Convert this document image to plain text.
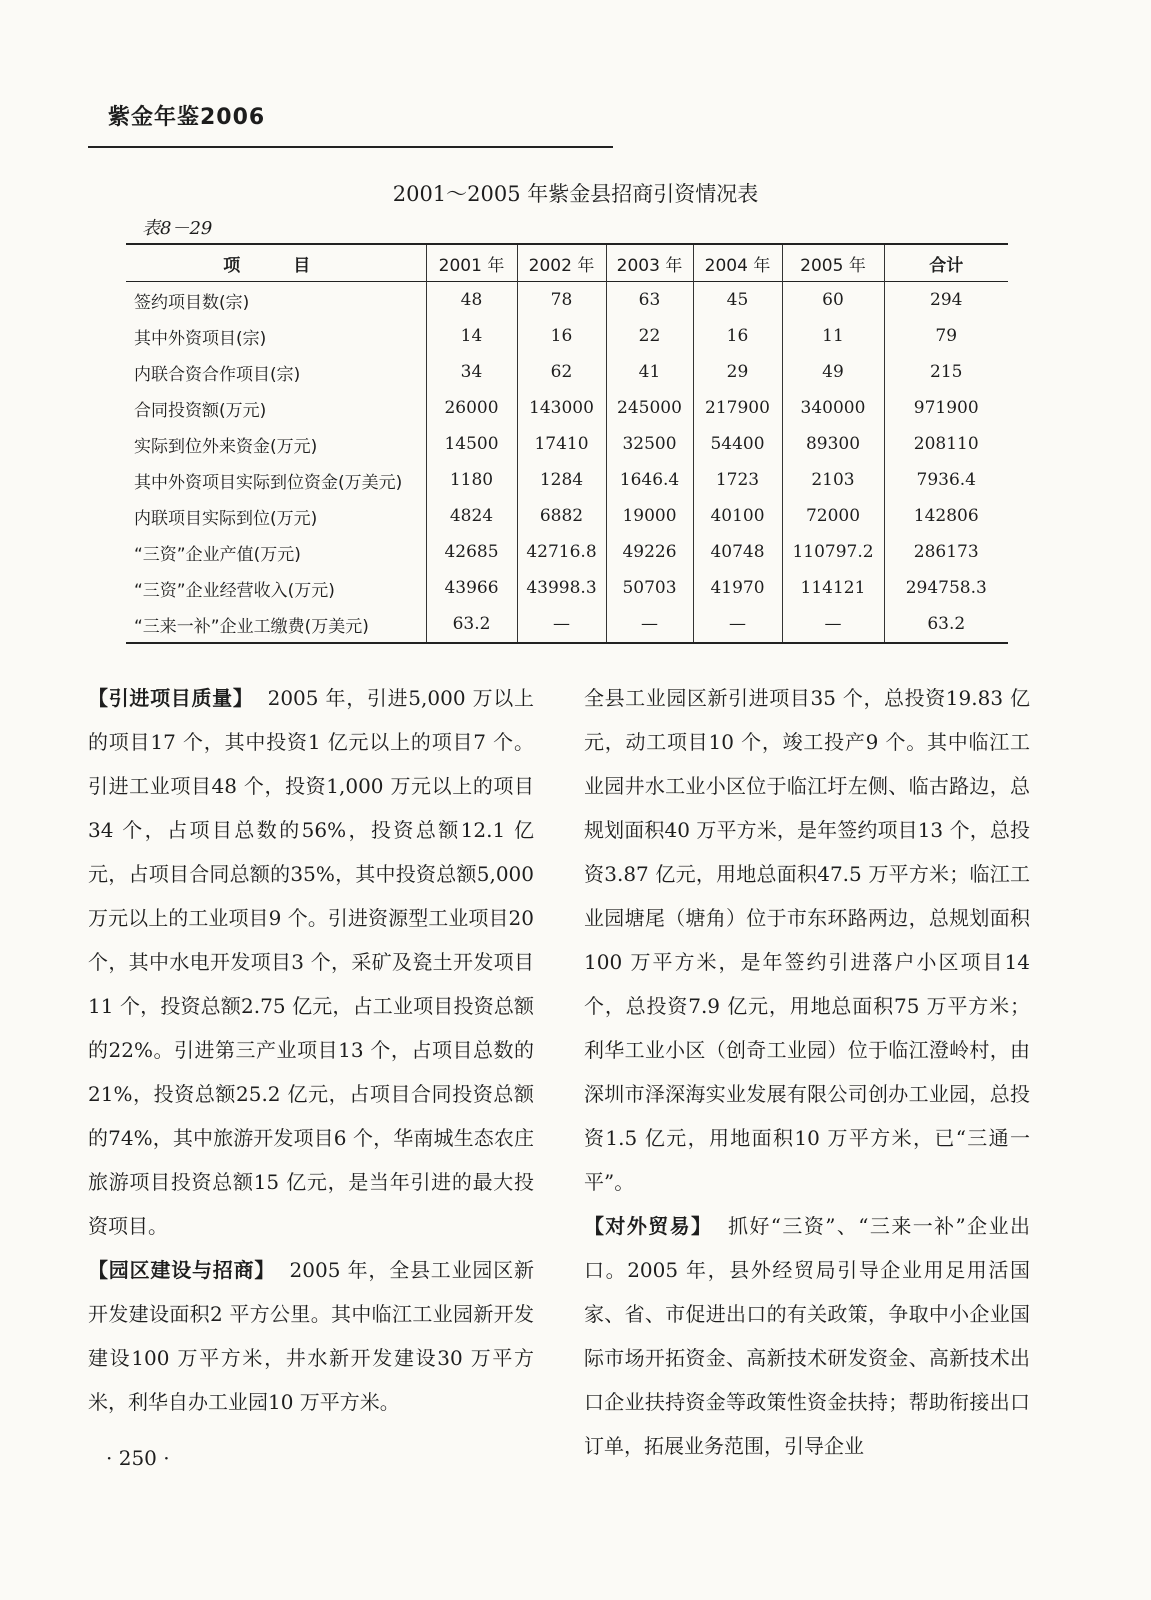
紫金年鉴2006
2001～2005 年紫金县招商引资情况表
表8－29
项　目	2001 年	2002 年	2003 年	2004 年	2005 年	合计
签约项目数(宗)	48	78	63	45	60	294
其中外资项目(宗)	14	16	22	16	11	79
内联合资合作项目(宗)	34	62	41	29	49	215
合同投资额(万元)	26000	143000	245000	217900	340000	971900
实际到位外来资金(万元)	14500	17410	32500	54400	89300	208110
其中外资项目实际到位资金(万美元)	1180	1284	1646.4	1723	2103	7936.4
内联项目实际到位(万元)	4824	6882	19000	40100	72000	142806
“三资”企业产值(万元)	42685	42716.8	49226	40748	110797.2	286173
“三资”企业经营收入(万元)	43966	43998.3	50703	41970	114121	294758.3
“三来一补”企业工缴费(万美元)	63.2	—	—	—	—	63.2

【引进项目质量】 2005 年，引进5,000 万以上的项目17 个，其中投资1 亿元以上的项目7 个。引进工业项目48 个，投资1,000 万元以上的项目34 个，占项目总数的56%，投资总额12.1 亿元，占项目合同总额的35%，其中投资总额5,000 万元以上的工业项目9 个。引进资源型工业项目20 个，其中水电开发项目3 个，采矿及瓷土开发项目11 个，投资总额2.75 亿元，占工业项目投资总额的22%。引进第三产业项目13 个，占项目总数的21%，投资总额25.2 亿元，占项目合同投资总额的74%，其中旅游开发项目6 个，华南城生态农庄旅游项目投资总额15 亿元，是当年引进的最大投资项目。

【园区建设与招商】 2005 年，全县工业园区新开发建设面积2 平方公里。其中临江工业园新开发建设100 万平方米，井水新开发建设30 万平方米，利华自办工业园10 万平方米。

全县工业园区新引进项目35 个，总投资19.83 亿元，动工项目10 个，竣工投产9 个。其中临江工业园井水工业小区位于临江圩左侧、临古路边，总规划面积40 万平方米，是年签约项目13 个，总投资3.87 亿元，用地总面积47.5 万平方米；临江工业园塘尾（塘角）位于市东环路两边，总规划面积100 万平方米，是年签约引进落户小区项目14 个，总投资7.9 亿元，用地总面积75 万平方米；利华工业小区（创奇工业园）位于临江澄岭村，由深圳市泽深海实业发展有限公司创办工业园，总投资1.5 亿元，用地面积10 万平方米，已“三通一平”。

【对外贸易】 抓好“三资”、“三来一补”企业出口。2005 年，县外经贸局引导企业用足用活国家、省、市促进出口的有关政策，争取中小企业国际市场开拓资金、高新技术研发资金、高新技术出口企业扶持资金等政策性资金扶持；帮助衔接出口订单，拓展业务范围，引导企业

· 250 ·
